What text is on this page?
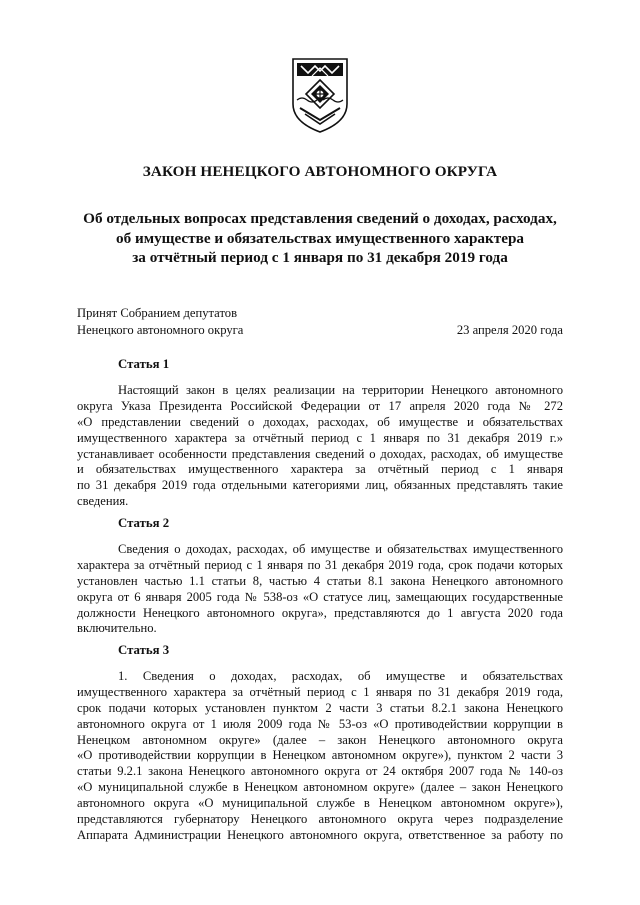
ЗАКОН НЕНЕЦКОГО АВТОНОМНОГО ОКРУГА
Об отдельных вопросах представления сведений о доходах, расходах,
об имуществе и обязательствах имущественного характера
за отчётный период с 1 января по 31 декабря 2019 года
Принят Собранием депутатов
Ненецкого автономного округа	23 апреля 2020 года
Статья 1
Настоящий закон в целях реализации на территории Ненецкого автономного
округа Указа Президента Российской Федерации от 17 апреля 2020 года № 272
«О представлении сведений о доходах, расходах, об имуществе и обязательствах
имущественного характера за отчётный период с 1 января по 31 декабря 2019 г.»
устанавливает особенности представления сведений о доходах, расходах, об имуществе
и обязательствах имущественного характера за отчётный период с 1 января
по 31 декабря 2019 года отдельными категориями лиц, обязанных представлять такие
сведения.
Статья 2
Сведения о доходах, расходах, об имуществе и обязательствах имущественного
характера за отчётный период с 1 января по 31 декабря 2019 года, срок подачи которых
установлен частью 1.1 статьи 8, частью 4 статьи 8.1 закона Ненецкого автономного
округа от 6 января 2005 года № 538-оз «О статусе лиц, замещающих государственные
должности Ненецкого автономного округа», представляются до 1 августа 2020 года
включительно.
Статья 3
1. Сведения о доходах, расходах, об имуществе и обязательствах
имущественного характера за отчётный период с 1 января по 31 декабря 2019 года,
срок подачи которых установлен пунктом 2 части 3 статьи 8.2.1 закона Ненецкого
автономного округа от 1 июля 2009 года № 53-оз «О противодействии коррупции в
Ненецком автономном округе» (далее – закон Ненецкого автономного округа
«О противодействии коррупции в Ненецком автономном округе»), пунктом 2 части 3
статьи 9.2.1 закона Ненецкого автономного округа от 24 октября 2007 года № 140-оз
«О муниципальной службе в Ненецком автономном округе» (далее – закон Ненецкого
автономного округа «О муниципальной службе в Ненецком автономном округе»),
представляются губернатору Ненецкого автономного округа через подразделение
Аппарата Администрации Ненецкого автономного округа, ответственное за работу по
